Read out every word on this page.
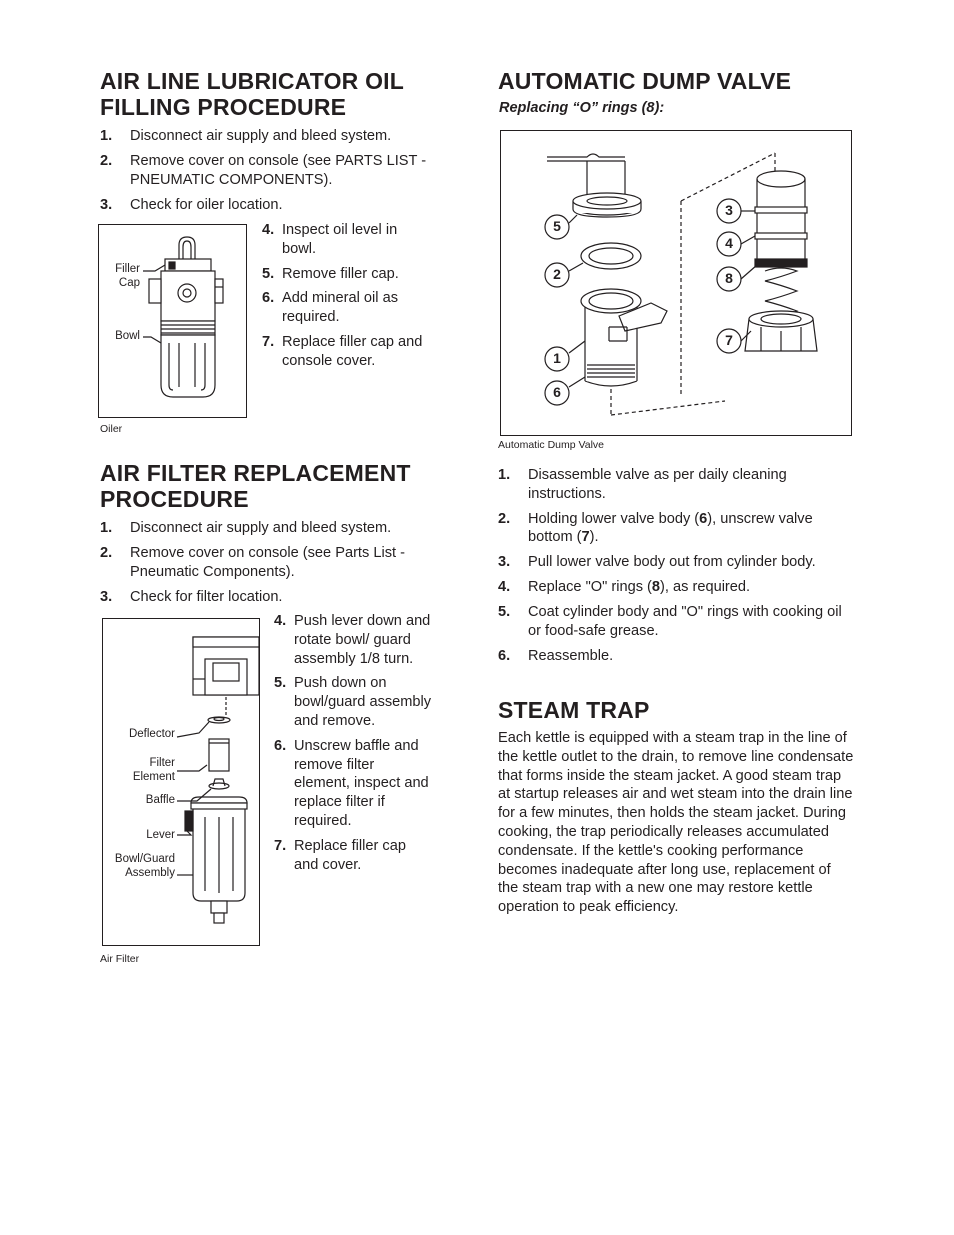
AIR LINE LUBRICATOR OIL
FILLING PROCEDURE
1. Disconnect air supply and bleed system.
2. Remove cover on console (see PARTS LIST - PNEUMATIC COMPONENTS).
3. Check for oiler location.
Filler
Cap
Bowl
Oiler
4. Inspect oil level in bowl.
5. Remove filler cap.
6. Add mineral oil as required.
7. Replace filler cap and console cover.
AIR FILTER REPLACEMENT
PROCEDURE
1. Disconnect air supply and bleed system.
2. Remove cover on console (see Parts List - Pneumatic Components).
3. Check for filter location.
Deflector
Filter
Element
Baffle
Lever
Bowl/Guard
Assembly
Air Filter
4. Push lever down and rotate bowl/ guard assembly 1/8 turn.
5. Push down on bowl/guard assembly and remove.
6. Unscrew baffle and remove filter element, inspect and replace filter if required.
7. Replace filler cap and cover.
AUTOMATIC DUMP VALVE
Replacing “O” rings (8):
5
2
1
6
3
4
8
7
Automatic Dump Valve
1. Disassemble valve as per daily cleaning instructions.
2. Holding lower valve body (6), unscrew valve bottom (7).
3. Pull lower valve body out from cylinder body.
4. Replace "O" rings (8), as required.
5. Coat cylinder body and "O" rings with cooking oil or food-safe grease.
6. Reassemble.
STEAM TRAP

Each kettle is equipped with a steam trap in the line of the kettle outlet to the drain, to remove line condensate that forms inside the steam jacket. A good steam trap at startup releases air and wet steam into the drain line for a few minutes, then holds the steam jacket. During cooking, the trap periodically releases accumulated condensate. If the kettle's cooking performance becomes inadequate after long use, replacement of the steam trap with a new one may restore kettle operation to peak efficiency.
